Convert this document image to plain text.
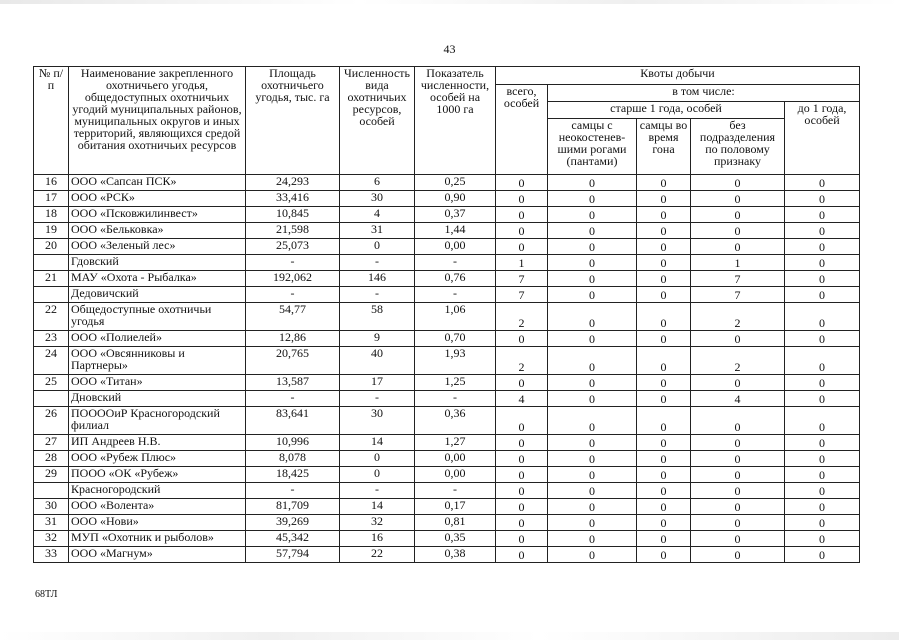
43
№ п/п	Наименование закрепленного охотничьего угодья, общедоступных охотничьих угодий муниципальных районов, муниципальных округов и иных территорий, являющихся средой обитания охотничьих ресурсов	Площадь охотничьего угодья, тыс. га	Численность вида охотничьих ресурсов, особей	Показатель численности, особей на 1000 га	Квоты добычи				
					всего, особей	в том числе:			
						старше 1 года, особей			до 1 года, особей
						самцы с неокостенев-шими рогами (пантами)	самцы во время гона	без подразделения по половому признаку	
16	ООО «Сапсан ПСК»	24,293	6	0,25	0	0	0	0	0
17	ООО «РСК»	33,416	30	0,90	0	0	0	0	0
18	ООО «Псковжилинвест»	10,845	4	0,37	0	0	0	0	0
19	ООО «Бельковка»	21,598	31	1,44	0	0	0	0	0
20	ООО «Зеленый лес»	25,073	0	0,00	0	0	0	0	0
	Гдовский	-	-	-	1	0	0	1	0
21	МАУ «Охота - Рыбалка»	192,062	146	0,76	7	0	0	7	0
	Дедовичский	-	-	-	7	0	0	7	0
22	Общедоступные охотничьи угодья	54,77	58	1,06	2	0	0	2	0
23	ООО «Полиелей»	12,86	9	0,70	0	0	0	0	0
24	ООО «Овсянниковы и Партнеры»	20,765	40	1,93	2	0	0	2	0
25	ООО «Титан»	13,587	17	1,25	0	0	0	0	0
	Дновский	-	-	-	4	0	0	4	0
26	ПООООиР Красногородский филиал	83,641	30	0,36	0	0	0	0	0
27	ИП Андреев Н.В.	10,996	14	1,27	0	0	0	0	0
28	ООО «Рубеж Плюс»	8,078	0	0,00	0	0	0	0	0
29	ПООО «ОК «Рубеж»	18,425	0	0,00	0	0	0	0	0
	Красногородский	-	-	-	0	0	0	0	0
30	ООО «Волента»	81,709	14	0,17	0	0	0	0	0
31	ООО «Нови»	39,269	32	0,81	0	0	0	0	0
32	МУП «Охотник и рыболов»	45,342	16	0,35	0	0	0	0	0
33	ООО «Магнум»	57,794	22	0,38	0	0	0	0	0
68ТЛ
